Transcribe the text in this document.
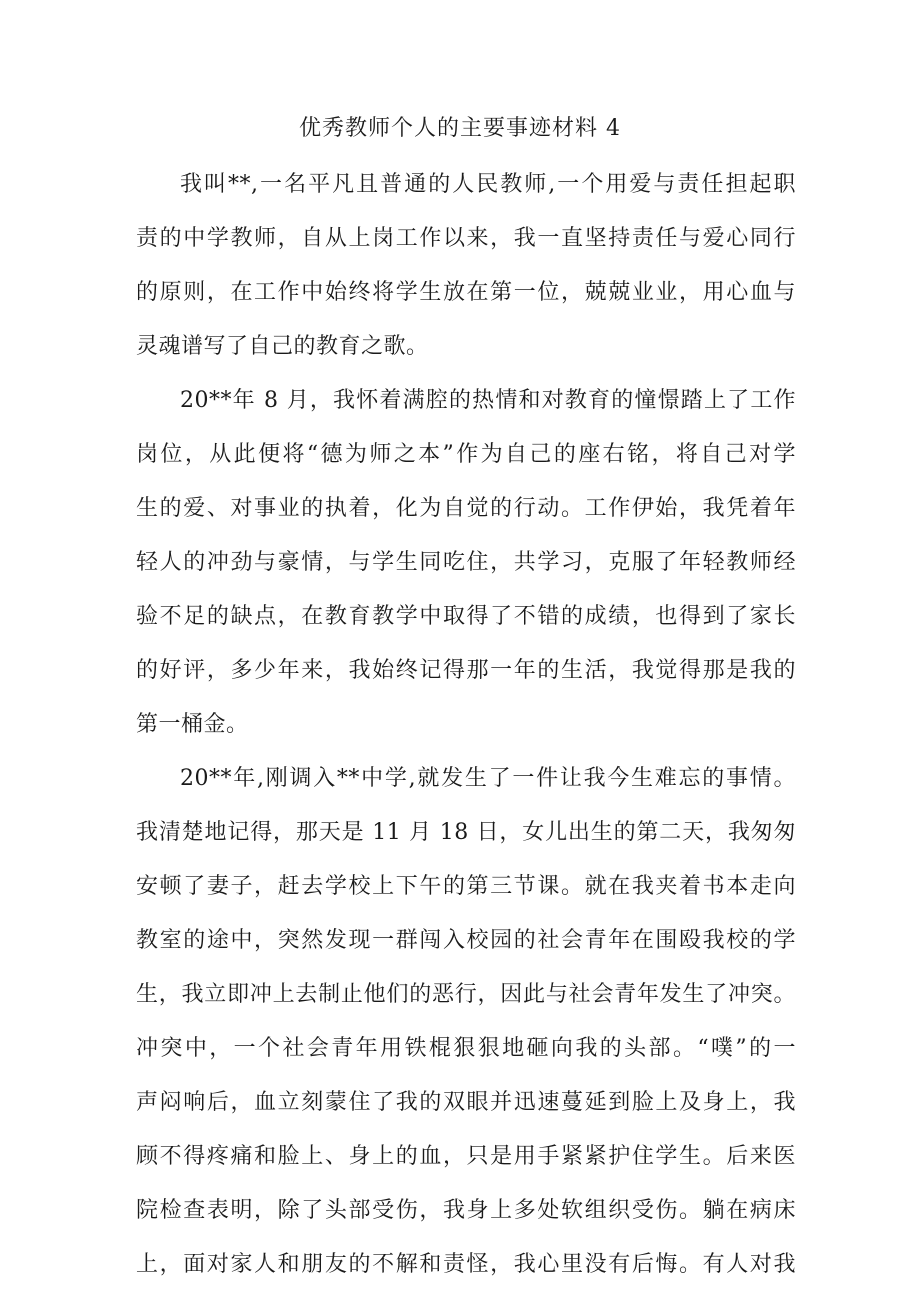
优秀教师个人的主要事迹材料 4
我叫**,一名平凡且普通的人民教师,一个用爱与责任担起职
责的中学教师，自从上岗工作以来，我一直坚持责任与爱心同行
的原则，在工作中始终将学生放在第一位，兢兢业业，用心血与
灵魂谱写了自己的教育之歌。
20**年 8 月，我怀着满腔的热情和对教育的憧憬踏上了工作
岗位，从此便将“德为师之本”作为自己的座右铭，将自己对学
生的爱、对事业的执着，化为自觉的行动。工作伊始，我凭着年
轻人的冲劲与豪情，与学生同吃住，共学习，克服了年轻教师经
验不足的缺点，在教育教学中取得了不错的成绩，也得到了家长
的好评，多少年来，我始终记得那一年的生活，我觉得那是我的
第一桶金。
20**年,刚调入**中学,就发生了一件让我今生难忘的事情。
我清楚地记得，那天是 11 月 18 日，女儿出生的第二天，我匆匆
安顿了妻子，赶去学校上下午的第三节课。就在我夹着书本走向
教室的途中，突然发现一群闯入校园的社会青年在围殴我校的学
生，我立即冲上去制止他们的恶行，因此与社会青年发生了冲突。
冲突中，一个社会青年用铁棍狠狠地砸向我的头部。“噗”的一
声闷响后，血立刻蒙住了我的双眼并迅速蔓延到脸上及身上，我
顾不得疼痛和脸上、身上的血，只是用手紧紧护住学生。后来医
院检查表明，除了头部受伤，我身上多处软组织受伤。躺在病床
上，面对家人和朋友的不解和责怪，我心里没有后悔。有人对我
